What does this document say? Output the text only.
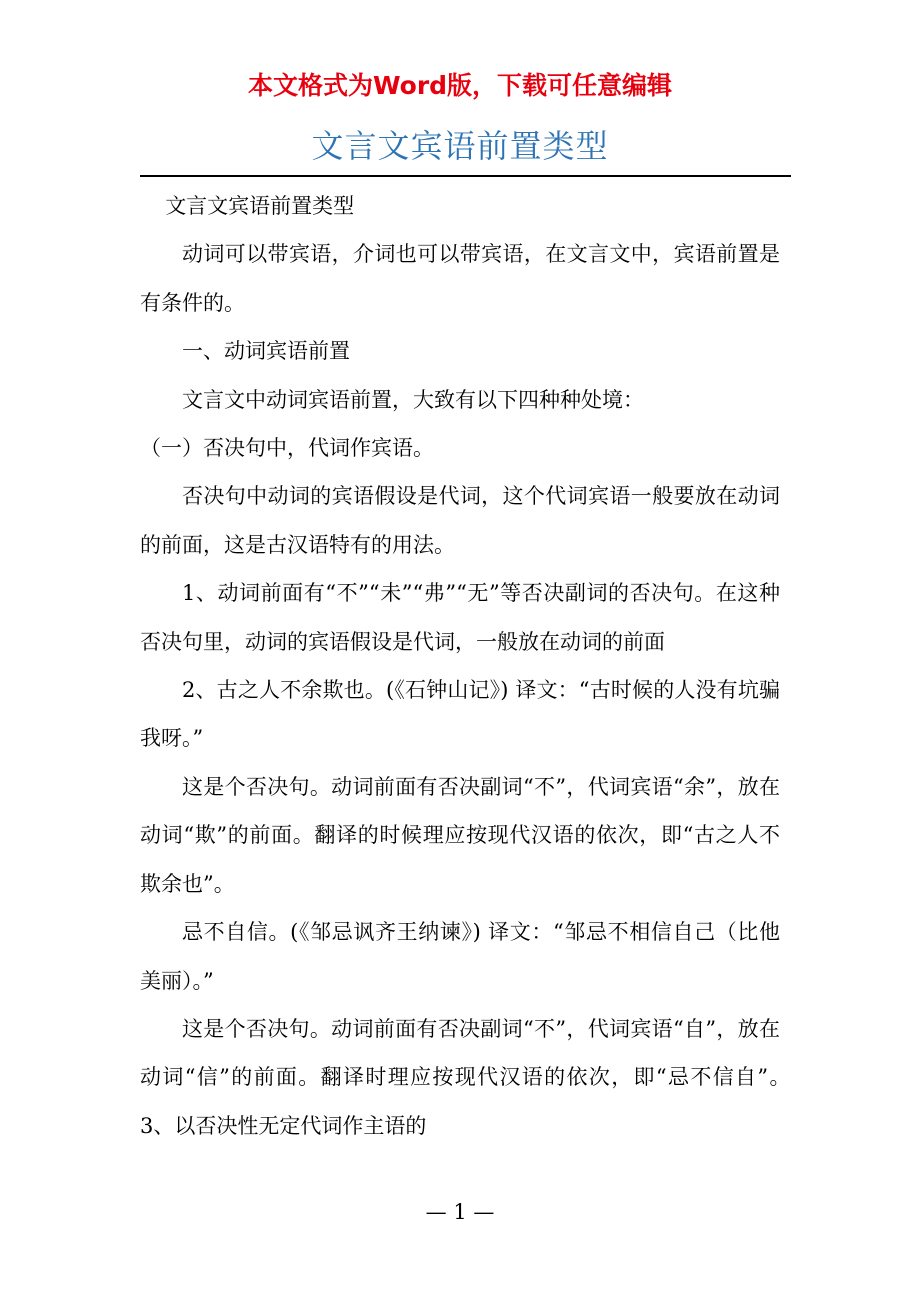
本文格式为Word版，下载可任意编辑
文言文宾语前置类型

文言文宾语前置类型

动词可以带宾语，介词也可以带宾语，在文言文中，宾语前置是有条件的。

一、动词宾语前置

文言文中动词宾语前置，大致有以下四种种处境：

（一）否决句中，代词作宾语。

否决句中动词的宾语假设是代词，这个代词宾语一般要放在动词的前面，这是古汉语特有的用法。

1、动词前面有“不”“未”“弗”“无”等否决副词的否决句。在这种否决句里，动词的宾语假设是代词，一般放在动词的前面

2、古之人不余欺也。(《石钟山记》) 译文：“古时候的人没有坑骗我呀。”

这是个否决句。动词前面有否决副词“不”，代词宾语“余”，放在动词“欺”的前面。翻译的时候理应按现代汉语的依次，即“古之人不欺余也”。

忌不自信。(《邹忌讽齐王纳谏》) 译文：“邹忌不相信自己（比他美丽）。”

这是个否决句。动词前面有否决副词“不”，代词宾语“自”，放在动词“信”的前面。翻译时理应按现代汉语的依次，即“忌不信自”。　 3、以否决性无定代词作主语的

— 1 —
